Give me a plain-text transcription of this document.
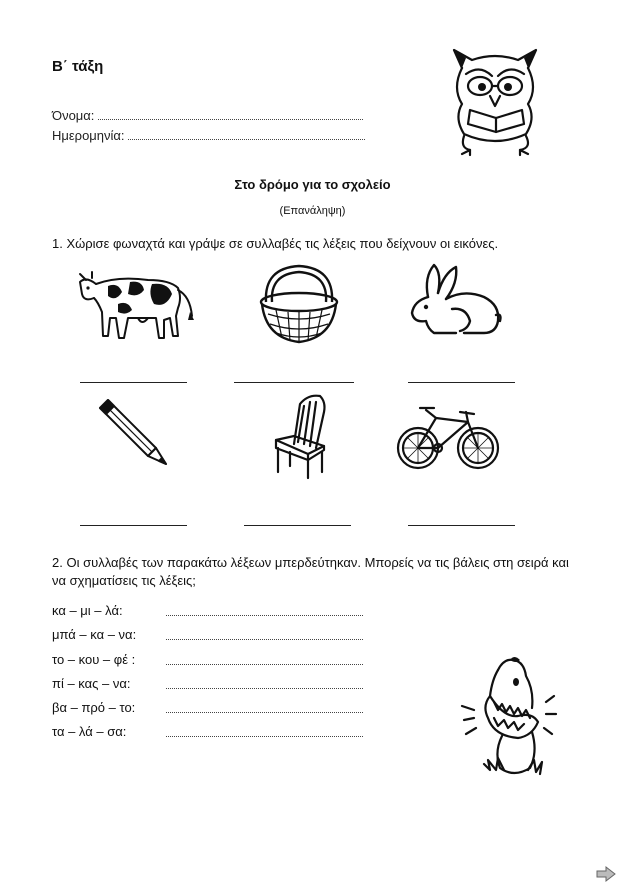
Β΄ τάξη
Όνομα:
Ημερομηνία:
Στο δρόμο για το σχολείο
(Επανάληψη)
1. Χώρισε φωναχτά και γράψε σε συλλαβές τις λέξεις που δείχνουν οι εικόνες.
2. Οι συλλαβές των παρακάτω λέξεων μπερδεύτηκαν. Μπορείς να τις βάλεις στη σειρά και να σχηματίσεις τις λέξεις;
κα – μι – λά:
μπά – κα – να:
το – κου – φέ :
πί – κας – να:
βα – πρό – το:
τα – λά – σα:
